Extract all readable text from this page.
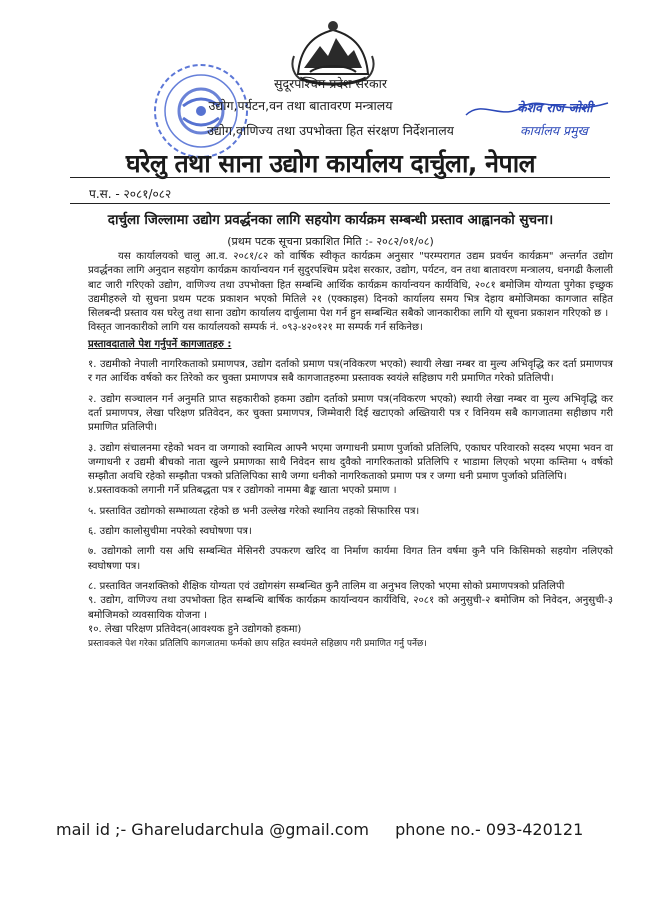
सुदूरपश्चिम प्रदेश सरकार
उद्योग,पर्यटन,वन तथा बातावरण मन्त्रालय
उद्योग,वाणिज्य तथा उपभोक्ता हित संरक्षण निर्देशनालय
घरेलु तथा साना उद्योग कार्यालय दार्चुला, नेपाल
केशव राज जोशी
कार्यालय प्रमुख
प.स. - २०८१/०८२
दार्चुला जिल्लामा उद्योग प्रवर्द्धनका लागि सहयोग कार्यक्रम सम्बन्धी प्रस्ताव आह्वानको सुचना।
(प्रथम पटक सूचना प्रकाशित मिति :- २०८२/०१/०८)

यस कार्यालयको चालु आ.व. २०८१/८२ को वार्षिक स्वीकृत कार्यक्रम अनुसार "परम्परागत उद्यम प्रवर्धन कार्यक्रम" अन्तर्गत उद्योग प्रवर्द्धनका लागि अनुदान सहयोग कार्यक्रम कार्यान्वयन गर्न सुदुरपश्चिम प्रदेश सरकार, उद्योग, पर्यटन, वन तथा बातावरण मन्त्रालय, धनगढी कैलाली बाट जारी गरिएको उद्योग, वाणिज्य तथा उपभोक्ता हित सम्बन्धि आर्थिक कार्यक्रम कार्यान्वयन कार्यविधि, २०८१ बमोजिम योग्यता पुगेका इच्छुक उद्यमीहरुले यो सुचना प्रथम पटक प्रकाशन भएको मितिले २१ (एक्काइस) दिनको कार्यालय समय भित्र देहाय बमोजिमका कागजात सहित सिलबन्दी प्रस्ताव यस घरेलु तथा साना उद्योग कार्यालय दार्चुलामा पेश गर्न हुन सम्बन्धित सबैको जानकारीका लागि यो सूचना प्रकाशन गरिएको छ ।

विस्तृत जानकारीको लागि यस कार्यालयको सम्पर्क नं. ०९३-४२०१२१ मा सम्पर्क गर्न सकिनेछ।

प्रस्तावदाताले पेश गर्नुपर्ने कागजातहरु :

१. उद्यमीको नेपाली नागरिकताको प्रमाणपत्र, उद्योग दर्ताको प्रमाण पत्र(नविकरण भएको) स्थायी लेखा नम्बर वा मुल्य अभिवृद्धि कर दर्ता प्रमाणपत्र र गत आर्थिक वर्षको कर तिरेको कर चुक्ता प्रमाणपत्र सबै कागजातहरुमा प्रस्तावक स्वयंले सहिछाप गरी प्रमाणित गरेको प्रतिलिपी।

२. उद्योग सञ्चालन गर्न अनुमति प्राप्त सहकारीको हकमा उद्योग दर्ताको प्रमाण पत्र(नविकरण भएको) स्थायी लेखा नम्बर वा मुल्य अभिवृद्धि कर दर्ता प्रमाणपत्र, लेखा परिक्षण प्रतिवेदन, कर चुक्ता प्रमाणपत्र, जिम्मेवारी दिई खटाएको अख्तियारी पत्र र विनियम सबै कागजातमा सहीछाप गरी प्रमाणित प्रतिलिपी।

३. उद्योग संचालनमा रहेको भवन वा जग्गाको स्वामित्व आफ्नै भएमा जग्गाधनी प्रमाण पुर्जाको प्रतिलिपि, एकाघर परिवारको सदस्य भएमा भवन वा जग्गाधनी र उद्यमी बीचको नाता खुल्ने प्रमाणका साथै निवेदन साथ दुवैको नागरिकताको प्रतिलिपि र भाडामा लिएको भएमा कम्तिमा ५ वर्षको सम्झौता अवधि रहेको सम्झौता पत्रको प्रतिलिपिका साथै जग्गा धनीको नागरिकताको प्रमाण पत्र र जग्गा धनी प्रमाण पुर्जाको प्रतिलिपि।

४.प्रस्तावकको लगानी गर्ने प्रतिबद्धता पत्र र उद्योगको नाममा बैङ्क खाता भएको प्रमाण ।

५. प्रस्तावित उद्योगको सम्भाव्यता रहेको छ भनी उल्लेख गरेको स्थानिय तहको सिफारिस पत्र।

६. उद्योग कालोसुचीमा नपरेको स्वघोषणा पत्र।

७. उद्योगको लागी यस अघि सम्बन्धित मेसिनरी उपकरण खरिद वा निर्माण कार्यमा विगत तिन वर्षमा कुनै पनि किसिमको सहयोग नलिएको स्वघोषणा पत्र।

८. प्रस्तावित जनशक्तिको शैक्षिक योग्यता एवं उद्योगसंग सम्बन्धित कुनै तालिम वा अनुभव लिएको भएमा सोको प्रमाणपत्रको प्रतिलिपी

९. उद्योग, वाणिज्य तथा उपभोक्ता हित सम्बन्धि बार्षिक कार्यक्रम कार्यान्वयन कार्यविधि, २०८१ को अनुसुची-२ बमोजिम को निवेदन, अनुसुची-३ बमोजिमको व्यवसायिक योजना ।

१०. लेखा परिक्षण प्रतिवेदन(आवश्यक हुने उद्योगको हकमा)

प्रस्तावकले पेश गरेका प्रतिलिपि कागजातमा फर्मको छाप सहित स्वयंमले सहिछाप गरी प्रमाणित गर्नु पर्नेछ।

mail id ;- Gharеludarchula @gmail.com phone no.- 093-420121
